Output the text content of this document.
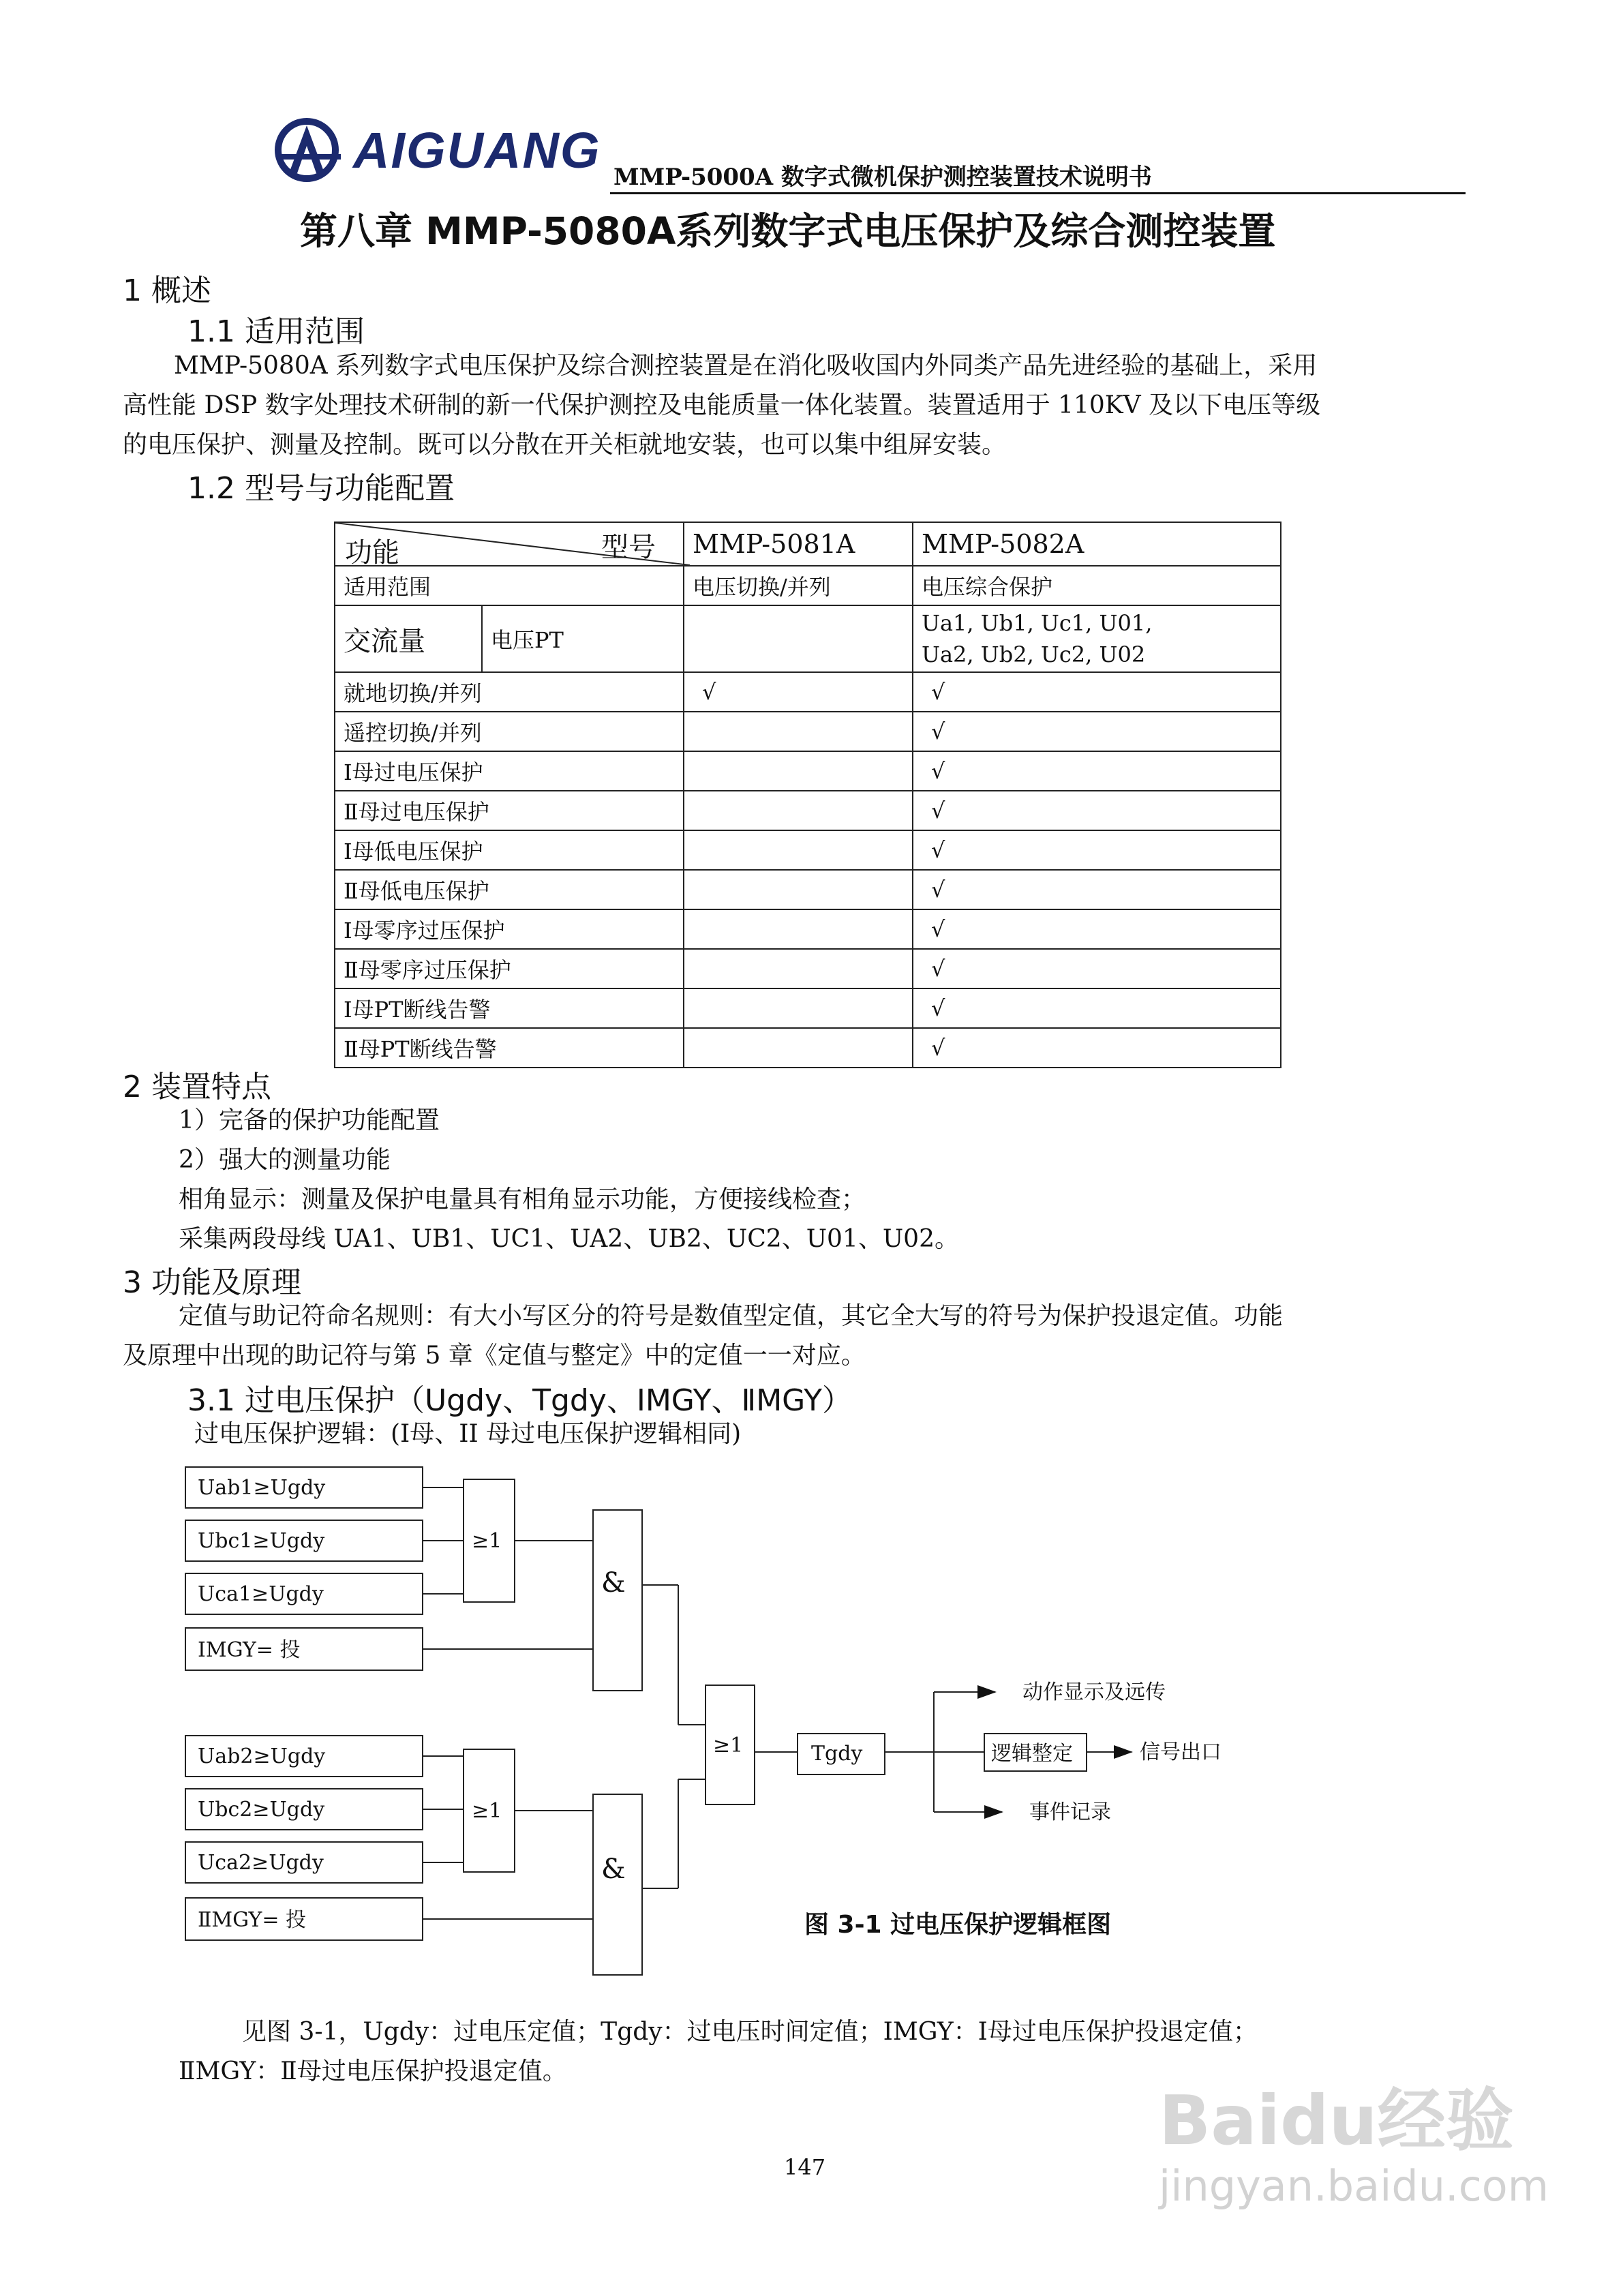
AIGUANG MMP-5000A 数字式微机保护测控装置技术说明书
第八章 MMP-5080A系列数字式电压保护及综合测控装置
1 概述
1.1 适用范围
MMP-5080A 系列数字式电压保护及综合测控装置是在消化吸收国内外同类产品先进经验的基础上，采用
高性能 DSP 数字处理技术研制的新一代保护测控及电能质量一体化装置。装置适用于 110KV 及以下电压等级
的电压保护、测量及控制。既可以分散在开关柜就地安装，也可以集中组屏安装。
1.2 型号与功能配置
功能 型号		MMP-5081A	MMP-5082A
适用范围		电压切换/并列	电压综合保护
交流量	电压PT		Ua1, Ub1, Uc1, U01,
Ua2, Ub2, Uc2, U02

就地切换/并列		√	√
遥控切换/并列			√
Ⅰ母过电压保护			√
Ⅱ母过电压保护			√
Ⅰ母低电压保护			√
Ⅱ母低电压保护			√
Ⅰ母零序过压保护			√
Ⅱ母零序过压保护			√
Ⅰ母PT断线告警			√
Ⅱ母PT断线告警			√
2 装置特点
1）完备的保护功能配置
2）强大的测量功能
相角显示：测量及保护电量具有相角显示功能，方便接线检查；
采集两段母线 UA1、UB1、UC1、UA2、UB2、UC2、U01、U02。
3 功能及原理
定值与助记符命名规则：有大小写区分的符号是数值型定值，其它全大写的符号为保护投退定值。功能
及原理中出现的助记符与第 5 章《定值与整定》中的定值一一对应。
3.1 过电压保护（Ugdy、Tgdy、ⅠMGY、ⅡMGY）
过电压保护逻辑：(Ⅰ母、II 母过电压保护逻辑相同)
Uab1≥Ugdy
Ubc1≥Ugdy
Uca1≥Ugdy
ⅠMGY= 投
Uab2≥Ugdy
Ubc2≥Ugdy
Uca2≥Ugdy
ⅡMGY= 投
≥1
≥1
≥1
&
&
Tgdy	逻辑整定
动作显示及远传
信号出口
事件记录
图 3-1 过电压保护逻辑框图
见图 3-1，Ugdy：过电压定值；Tgdy：过电压时间定值；ⅠMGY：Ⅰ母过电压保护投退定值；
ⅡMGY：Ⅱ母过电压保护投退定值。
147
Baidu经验
jingyan.baidu.com
